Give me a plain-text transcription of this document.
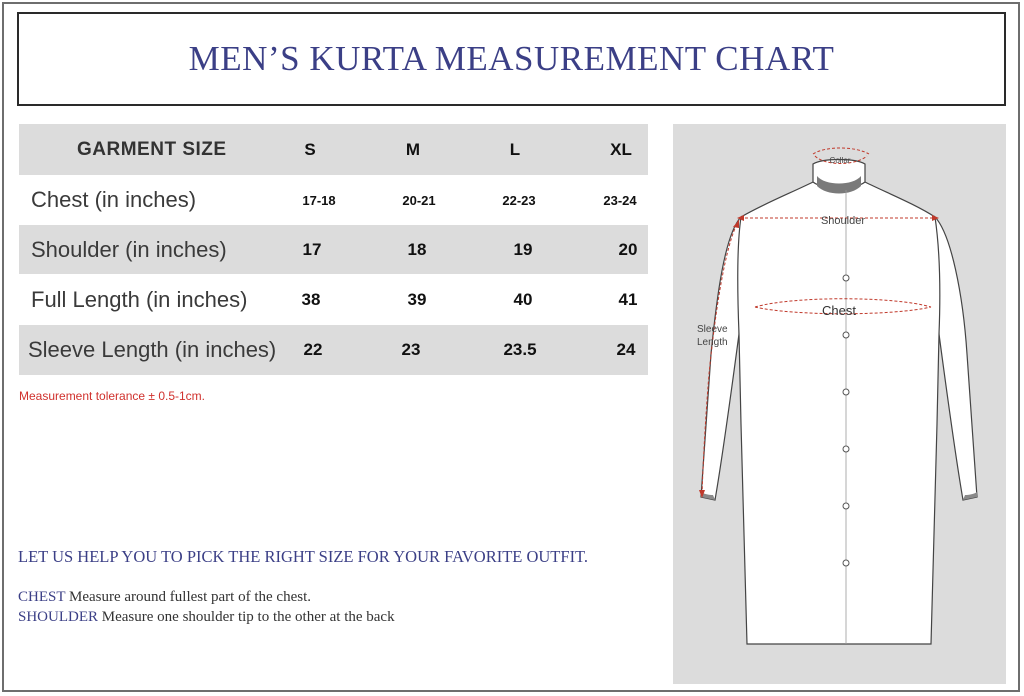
MEN’S KURTA MEASUREMENT CHART
GARMENT SIZE	S	M	L	XL
Chest (in inches)	17-18	20-21	22-23	23-24
Shoulder (in inches)	17	18	19	20
Full Length (in inches)	38	39	40	41
Sleeve Length (in inches)	22	23	23.5	24
Measurement tolerance ± 0.5-1cm.
LET US HELP YOU TO PICK THE RIGHT SIZE FOR YOUR FAVORITE OUTFIT.
CHEST Measure around fullest part of the chest.
SHOULDER Measure one shoulder tip to the other at the back
Collar
Shoulder
Chest
Sleeve
Length
